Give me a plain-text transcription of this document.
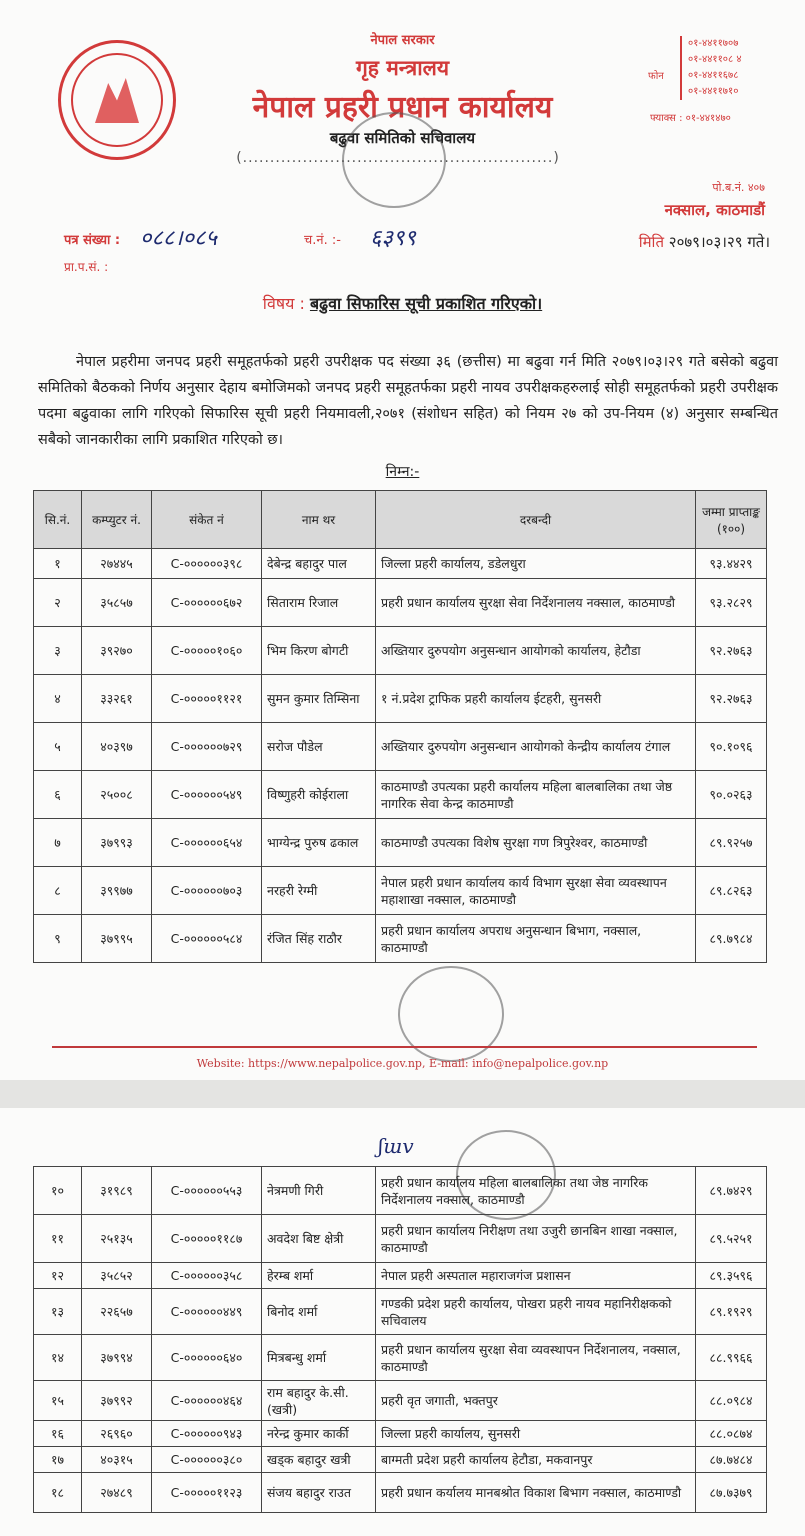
नेपाल सरकार
गृह मन्त्रालय
नेपाल प्रहरी प्रधान कार्यालय
बढुवा समितिको सचिवालय
(.........................................................)
फोन
०१-४४११७०७
०१-४४११०८ ४
०१-४४११६७८
०१-४४११७१०
फ्याक्स : ०१-४४१४७०
पो.ब.नं. ४०७
नक्साल, काठमाडौं
पत्र संख्या : ०८८।०८५	च.नं. :- ६३९९	मिति २०७९।०३।२९ गते।
प्रा.प.सं. :
विषय : बढुवा सिफारिस सूची प्रकाशित गरिएको।

नेपाल प्रहरीमा जनपद प्रहरी समूहतर्फको प्रहरी उपरीक्षक पद संख्या ३६ (छत्तीस) मा बढुवा गर्न मिति २०७९।०३।२९ गते बसेको बढुवा समितिको बैठकको निर्णय अनुसार देहाय बमोजिमको जनपद प्रहरी समूहतर्फका प्रहरी नायव उपरीक्षकहरुलाई सोही समूहतर्फको प्रहरी उपरीक्षक पदमा बढुवाका लागि गरिएको सिफारिस सूची प्रहरी नियमावली,२०७१ (संशोधन सहित) को नियम २७ को उप-नियम (४) अनुसार सम्बन्धित सबैको जानकारीका लागि प्रकाशित गरिएको छ।

निम्न:-
सि.नं.	कम्प्युटर नं.	संकेत नं	नाम थर	दरबन्दी	जम्मा प्राप्ताङ्क (१००)
१	२७४४५	C-००००००३९८	देबेन्द्र बहादुर पाल	जिल्ला प्रहरी कार्यालय, डडेलधुरा	९३.४४२९
२	३५८५७	C-००००००६७२	सिताराम रिजाल	प्रहरी प्रधान कार्यालय सुरक्षा सेवा निर्देशनालय नक्साल, काठमाण्डौ	९३.२८२९
३	३९२७०	C-०००००१०६०	भिम किरण बोगटी	अख्तियार दुरुपयोग अनुसन्धान आयोगको कार्यालय, हेटौडा	९२.२७६३
४	३३२६१	C-०००००११२१	सुमन कुमार तिम्सिना	१ नं.प्रदेश ट्राफिक प्रहरी कार्यालय ईटहरी, सुनसरी	९२.२७६३
५	४०३९७	C-००००००७२९	सरोज पौडेल	अख्तियार दुरुपयोग अनुसन्धान आयोगको केन्द्रीय कार्यालय टंगाल	९०.१०९६
६	२५००८	C-००००००५४९	विष्णुहरी कोईराला	काठमाण्डौ उपत्यका प्रहरी कार्यालय महिला बालबालिका तथा जेष्ठ नागरिक सेवा केन्द्र काठमाण्डौ	९०.०२६३
७	३७९९३	C-००००००६५४	भाग्येन्द्र पुरुष ढकाल	काठमाण्डौ उपत्यका विशेष सुरक्षा गण त्रिपुरेश्वर, काठमाण्डौ	८९.९२५७
८	३९९७७	C-००००००७०३	नरहरी रेग्मी	नेपाल प्रहरी प्रधान कार्यालय कार्य विभाग सुरक्षा सेवा व्यवस्थापन महाशाखा नक्साल, काठमाण्डौ	८९.८२६३
९	३७९९५	C-००००००५८४	रंजित सिंह राठौर	प्रहरी प्रधान कार्यालय अपराध अनुसन्धान बिभाग, नक्साल, काठमाण्डौ	८९.७९८४
Website: https://www.nepalpolice.gov.np, E-mail: info@nepalpolice.gov.np
ʃɯv
१०	३१९८९	C-००००००५५३	नेत्रमणी गिरी	प्रहरी प्रधान कार्यालय महिला बालबालिका तथा जेष्ठ नागरिक निर्देशनालय नक्साल, काठमाण्डौ	८९.७४२९
११	२५१३५	C-०००००११८७	अवदेश बिष्ट क्षेत्री	प्रहरी प्रधान कार्यालय निरीक्षण तथा उजुरी छानबिन शाखा नक्साल, काठमाण्डौ	८९.५२५१
१२	३५८५२	C-००००००३५८	हेरम्ब शर्मा	नेपाल प्रहरी अस्पताल महाराजगंज प्रशासन	८९.३५९६
१३	२२६५७	C-००००००४४९	बिनोद शर्मा	गण्डकी प्रदेश प्रहरी कार्यालय, पोखरा प्रहरी नायव महानिरीक्षकको सचिवालय	८९.१९२९
१४	३७९९४	C-००००००६४०	मित्रबन्धु शर्मा	प्रहरी प्रधान कार्यालय सुरक्षा सेवा व्यवस्थापन निर्देशनालय, नक्साल, काठमाण्डौ	८८.९९६६
१५	३७९९२	C-००००००४६४	राम बहादुर के.सी. (खत्री)	प्रहरी वृत जगाती, भक्तपुर	८८.०९८४
१६	२६९६०	C-००००००९४३	नरेन्द्र कुमार कार्की	जिल्ला प्रहरी कार्यालय, सुनसरी	८८.०८७४
१७	४०३१५	C-००००००३८०	खड्क बहादुर खत्री	बाग्मती प्रदेश प्रहरी कार्यालय हेटौडा, मकवानपुर	८७.७४८४
१८	२७४८९	C-०००००११२३	संजय बहादुर राउत	प्रहरी प्रधान कर्यालय मानबश्रोत विकाश बिभाग नक्साल, काठमाण्डौ	८७.७३७९
